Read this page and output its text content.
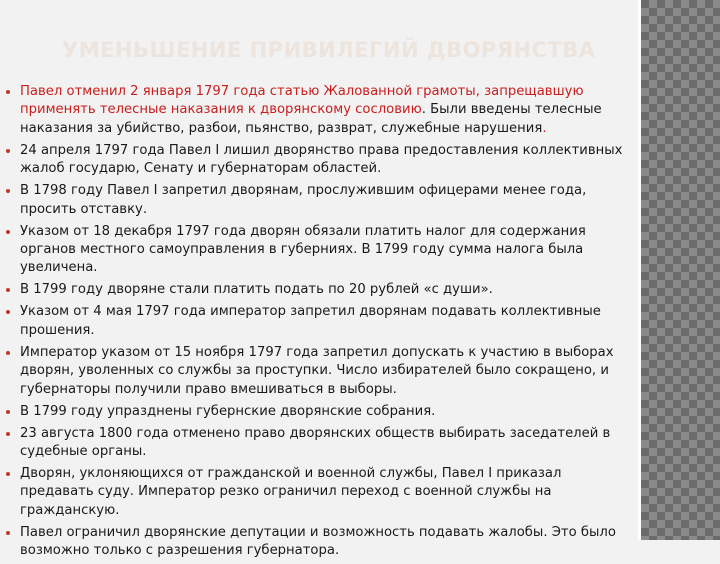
УМЕНЬШЕНИЕ ПРИВИЛЕГИЙ ДВОРЯНСТВА
Павел отменил 2 января 1797 года статью Жалованной грамоты, запрещавшую применять телесные наказания к дворянскому сословию. Были введены телесные наказания за убийство, разбои, пьянство, разврат, служебные нарушения.
24 апреля 1797 года Павел I лишил дворянство права предоставления коллективных жалоб государю, Сенату и губернаторам областей.
В 1798 году Павел I запретил дворянам, прослужившим офицерами менее года, просить отставку.
Указом от 18 декабря 1797 года дворян обязали платить налог для содержания органов местного самоуправления в губерниях. В 1799 году сумма налога была увеличена.
В 1799 году дворяне стали платить подать по 20 рублей «с души».
Указом от 4 мая 1797 года император запретил дворянам подавать коллективные прошения.
Император указом от 15 ноября 1797 года запретил допускать к участию в выборах дворян, уволенных со службы за проступки. Число избирателей было сокращено, и губернаторы получили право вмешиваться в выборы.
В 1799 году упразднены губернские дворянские собрания.
23 августа 1800 года отменено право дворянских обществ выбирать заседателей в судебные органы.
Дворян, уклоняющихся от гражданской и военной службы, Павел I приказал предавать суду. Император резко ограничил переход с военной службы на гражданскую.
Павел ограничил дворянские депутации и возможность подавать жалобы. Это было возможно только с разрешения губернатора.
